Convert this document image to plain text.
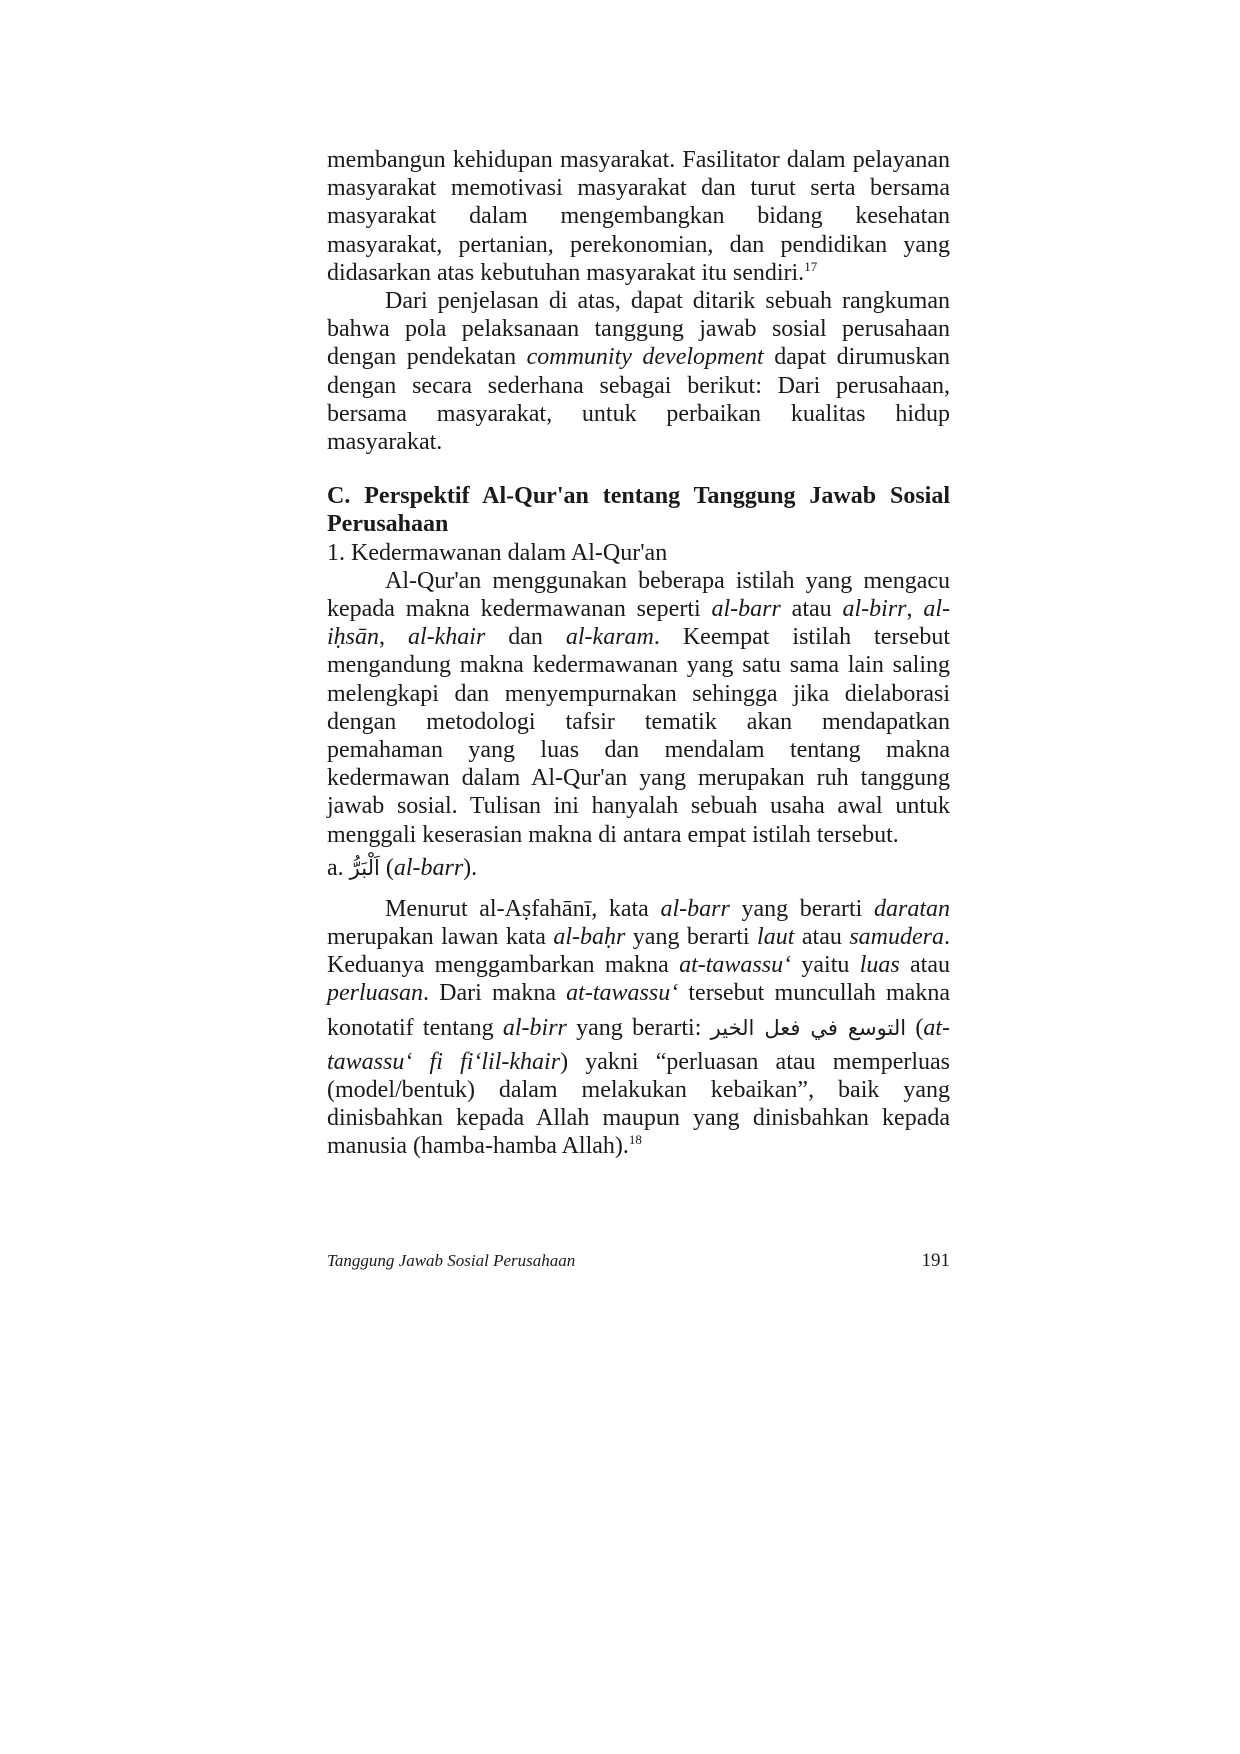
membangun kehidupan masyarakat. Fasilitator dalam pelayanan masyarakat memotivasi masyarakat dan turut serta bersama masyarakat dalam mengembangkan bidang kesehatan masyarakat, pertanian, perekonomian, dan pendidikan yang didasarkan atas kebutuhan masyarakat itu sendiri.$^{17}$

Dari penjelasan di atas, dapat ditarik sebuah rangkuman bahwa pola pelaksanaan tanggung jawab sosial perusahaan dengan pendekatan community development dapat dirumuskan dengan secara sederhana sebagai berikut: Dari perusahaan, bersama masyarakat, untuk perbaikan kualitas hidup masyarakat.

C. Perspektif Al-Qur'an tentang Tanggung Jawab Sosial Perusahaan

1. Kedermawanan dalam Al-Qur'an

Al-Qur'an menggunakan beberapa istilah yang mengacu kepada makna kedermawanan seperti al-barr atau al-birr, al-iḥsān, al-khair dan al-karam. Keempat istilah tersebut mengandung makna kedermawanan yang satu sama lain saling melengkapi dan menyempurnakan sehingga jika dielaborasi dengan metodologi tafsir tematik akan mendapatkan pemahaman yang luas dan mendalam tentang makna kedermawan dalam Al-Qur'an yang merupakan ruh tanggung jawab sosial. Tulisan ini hanyalah sebuah usaha awal untuk menggali keserasian makna di antara empat istilah tersebut.

a. اَلْبَرُّ (al-barr).

Menurut al-Aṣfahānī, kata al-barr yang berarti daratan merupakan lawan kata al-baḥr yang berarti laut atau samudera. Keduanya menggambarkan makna at-tawassu‘ yaitu luas atau perluasan. Dari makna at-tawassu‘ tersebut muncullah makna konotatif tentang al-birr yang berarti: التوسع في فعل الخير (at-tawassu‘ fi fi‘lil-khair) yakni “perluasan atau memperluas (model/bentuk) dalam melakukan kebaikan”, baik yang dinisbahkan kepada Allah maupun yang dinisbahkan kepada manusia (hamba-hamba Allah).$^{18}$

Tanggung Jawab Sosial Perusahaan	191
